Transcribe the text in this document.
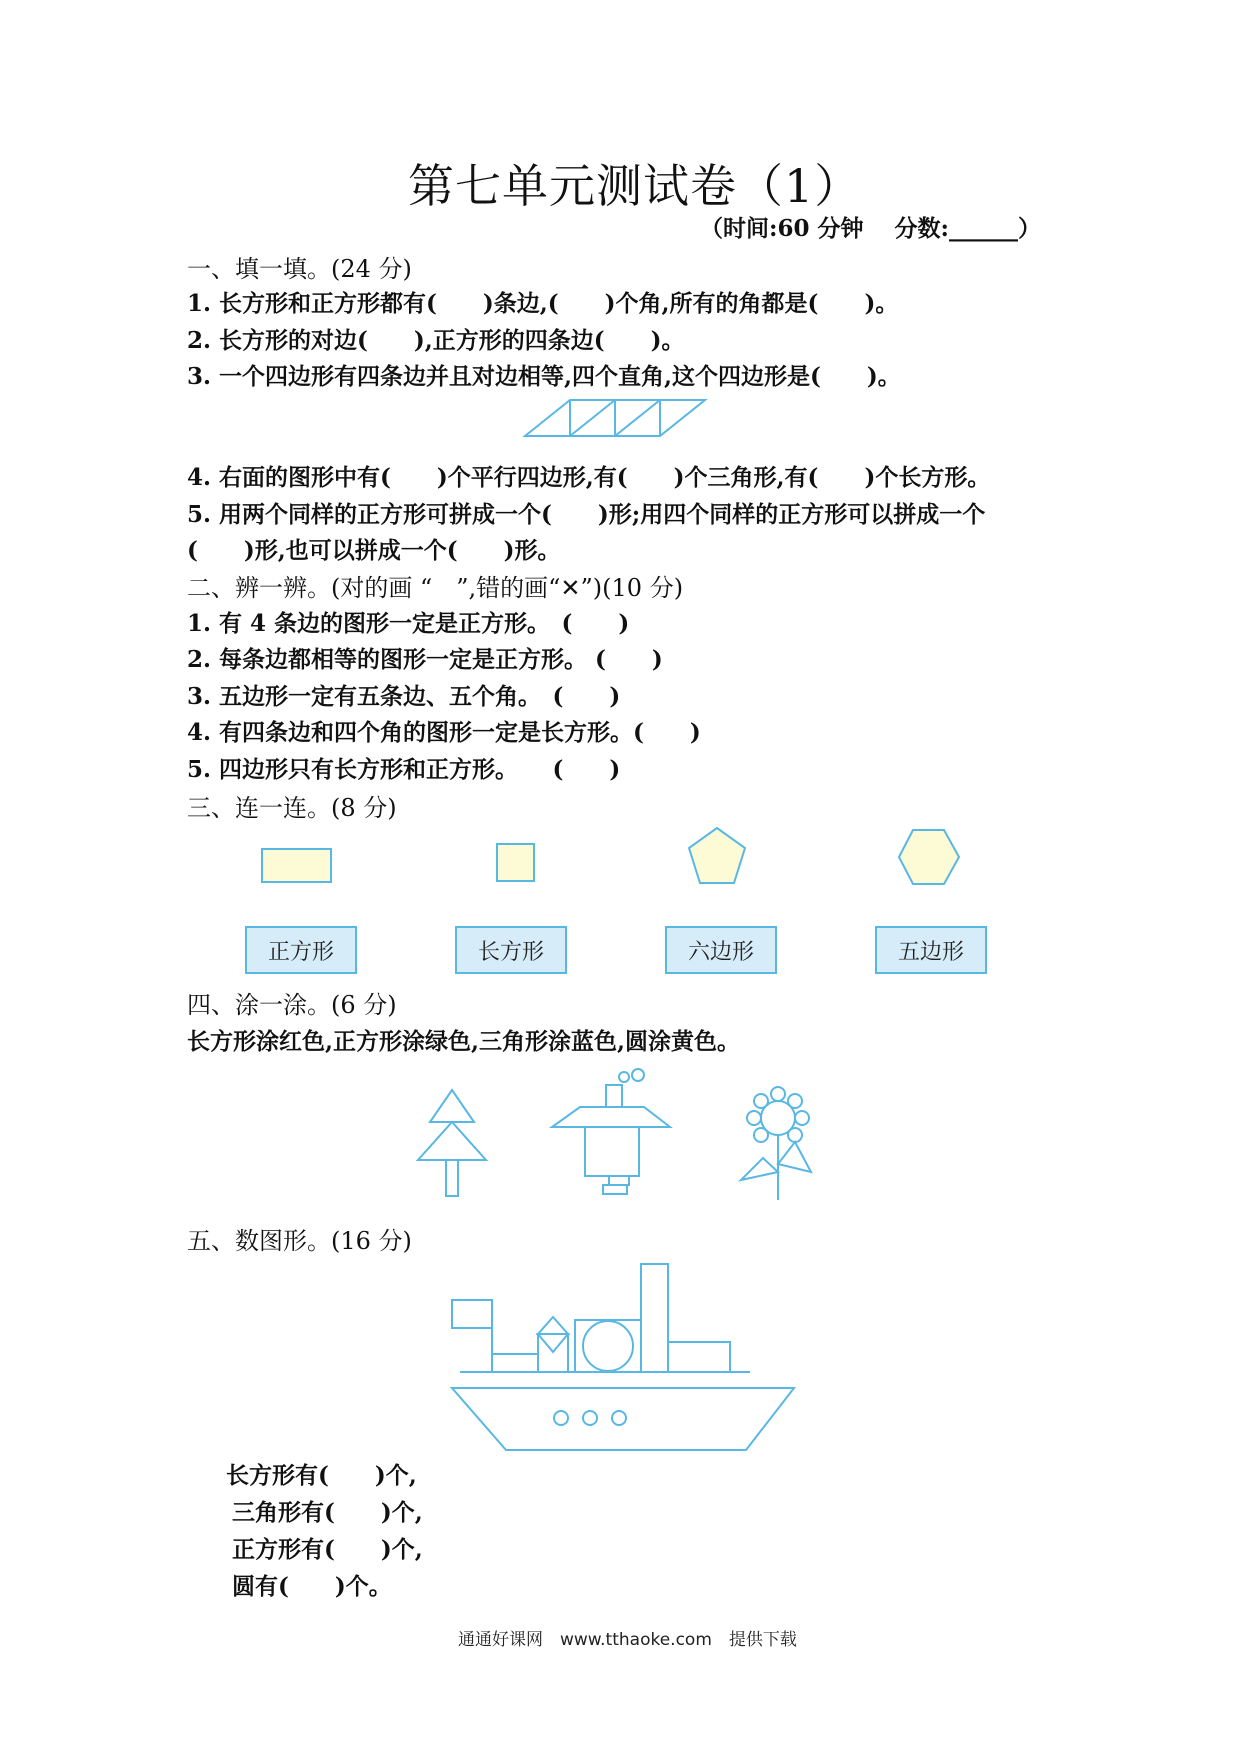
第七单元测试卷（1）
（时间:60 分钟　 分数:______）
一、填一填。(24 分)
1. 长方形和正方形都有(　　)条边,(　　)个角,所有的角都是(　　)。
2. 长方形的对边(　　),正方形的四条边(　　)。
3. 一个四边形有四条边并且对边相等,四个直角,这个四边形是(　　)。
4. 右面的图形中有(　　)个平行四边形,有(　　)个三角形,有(　　)个长方形。
5. 用两个同样的正方形可拼成一个(　　)形;用四个同样的正方形可以拼成一个
(　　)形,也可以拼成一个(　　)形。
二、辨一辨。(对的画 “　”,错的画“✕”)(10 分)
1. 有 4 条边的图形一定是正方形。　(　　)
2. 每条边都相等的图形一定是正方形。 (　　)
3. 五边形一定有五条边、五个角。　(　　)
4. 有四条边和四个角的图形一定是长方形。(　　)
5. 四边形只有长方形和正方形。　　(　　)
三、连一连。(8 分)
正方形	长方形	六边形	五边形
四、涂一涂。(6 分)
长方形涂红色,正方形涂绿色,三角形涂蓝色,圆涂黄色。
五、数图形。(16 分)
长方形有(　　)个,
三角形有(　　)个,
正方形有(　　)个,
圆有(　　)个。
通通好课网　www.tthaoke.com　提供下载
